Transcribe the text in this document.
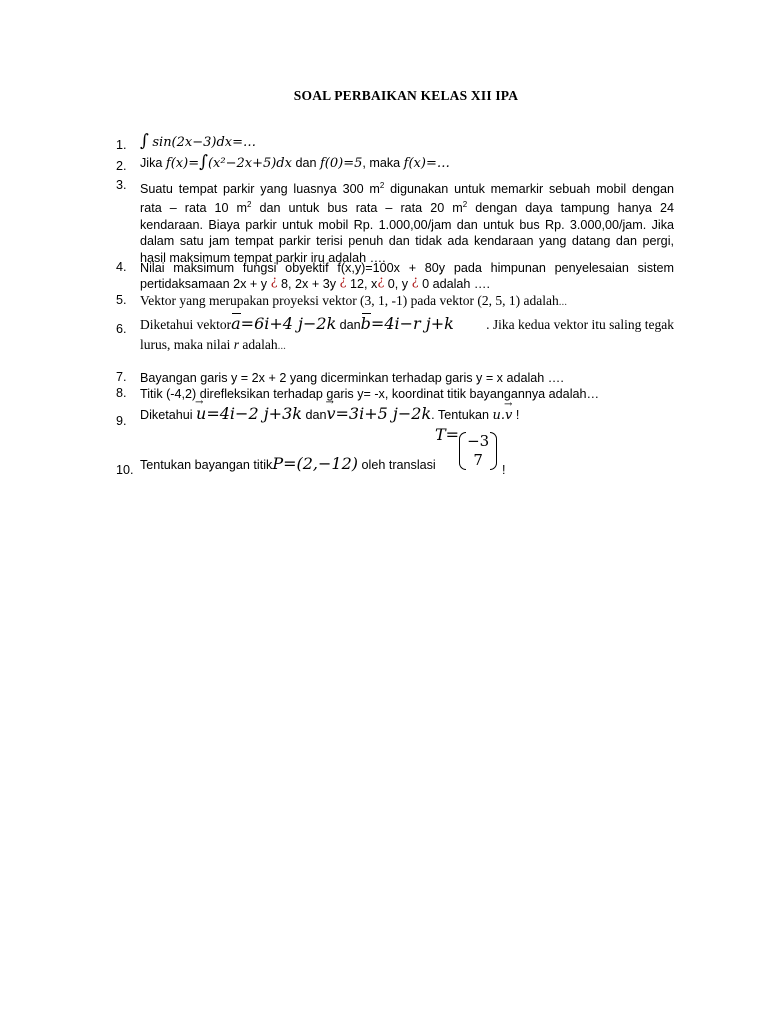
SOAL PERBAIKAN KELAS XII IPA
1. ∫ sin(2x−3)dx=…
2.	Jika f(x)=∫(x²−2x+5)dx dan f(0)=5, maka f(x)=…
3.	Suatu tempat parkir yang luasnya 300 $m^2$ digunakan untuk memarkir sebuah mobil dengan
rata – rata 10 $m^2$ dan untuk bus rata – rata 20 $m^2$ dengan daya tampung hanya 24
kendaraan. Biaya parkir untuk mobil Rp. 1.000,00/jam dan untuk bus Rp. 3.000,00/jam. Jika
dalam satu jam tempat parkir terisi penuh dan tidak ada kendaraan yang datang dan pergi,
hasil maksimum tempat parkir iru adalah ….
4.	Nilai maksimum fungsi obyektif f(x,y)=100x + 80y pada himpunan penyelesaian sistem
pertidaksamaan 2x + y ¿ 8, 2x + 3y ¿ 12, x¿ 0, y ¿ 0 adalah ….
5. Vektor yang merupakan proyeksi vektor (3, 1, -1) pada vektor (2, 5, 1) adalah...
6. Diketahui vektora=6i+4 j−2k danb=4i−r j+k . Jika kedua vektor itu saling tegak
lurus, maka nilai r adalah...
7.	Bayangan garis y = 2x + 2 yang dicerminkan terhadap garis y = x adalah ….
8.	Titik (-4,2) direfleksikan terhadap garis y= -x, koordinat titik bayangannya adalah…
9.	Diketahui u →=4i−2 j+3k danv →=3i+5 j−2k. Tentukan u.v → !
10. Tentukan bayangan titikP=(2,−12) oleh translasi
T= −3
7
!
